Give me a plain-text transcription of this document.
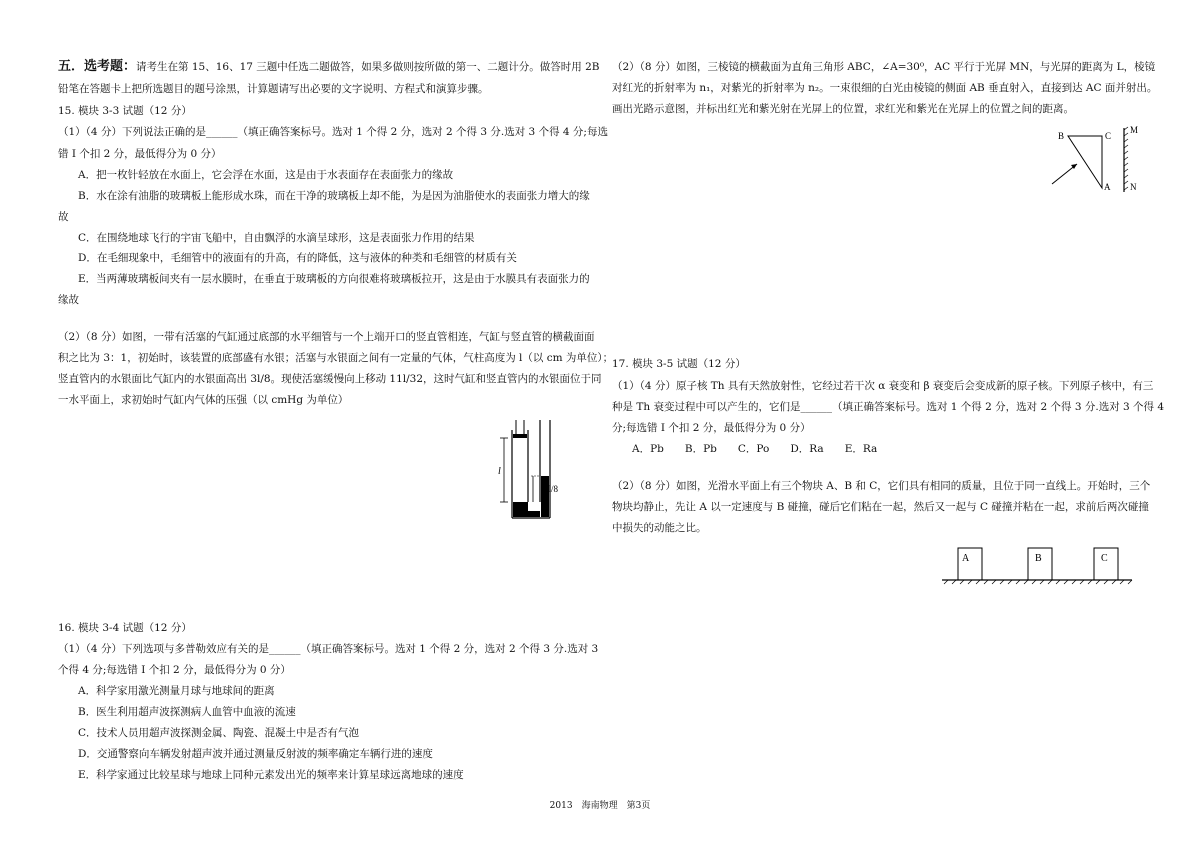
五．选考题：请考生在第 15、16、17 三题中任选二题做答，如果多做则按所做的第一、二题计分。做答时用 2B
铅笔在答题卡上把所选题目的题号涂黑，计算题请写出必要的文字说明、方程式和演算步骤。
15. 模块 3-3 试题（12 分）
（1）（4 分）下列说法正确的是______（填正确答案标号。选对 1 个得 2 分，选对 2 个得 3 分.选对 3 个得 4 分;每选
错 I 个扣 2 分，最低得分为 0 分）
A．把一枚针轻放在水面上，它会浮在水面，这是由于水表面存在表面张力的缘故
B．水在涂有油脂的玻璃板上能形成水珠，而在干净的玻璃板上却不能，为是因为油脂使水的表面张力增大的缘
故
C．在围绕地球飞行的宇宙飞船中，自由飘浮的水滴呈球形，这是表面张力作用的结果
D．在毛细现象中，毛细管中的液面有的升高，有的降低，这与液体的种类和毛细管的材质有关
E．当两薄玻璃板间夹有一层水膜时，在垂直于玻璃板的方向很难将玻璃板拉开，这是由于水膜具有表面张力的
缘故
（2）（8 分）如图，一带有活塞的气缸通过底部的水平细管与一个上端开口的竖直管相连，气缸与竖直管的横截面面
积之比为 3：1，初始时，该装置的底部盛有水银；活塞与水银面之间有一定量的气体，气柱高度为 l（以 cm 为单位）；
竖直管内的水银面比气缸内的水银面高出 3l/8。现使活塞缓慢向上移动 11l/32，这时气缸和竖直管内的水银面位于同
一水平面上，求初始时气缸内气体的压强（以 cmHg 为单位）
16. 模块 3-4 试题（12 分）
（1）（4 分）下列选项与多普勒效应有关的是______（填正确答案标号。选对 1 个得 2 分，选对 2 个得 3 分.选对 3
个得 4 分;每选错 I 个扣 2 分，最低得分为 0 分）
A．科学家用激光测量月球与地球间的距离
B．医生利用超声波探测病人血管中血液的流速
C．技术人员用超声波探测金属、陶瓷、混凝土中是否有气泡
D．交通警察向车辆发射超声波并通过测量反射波的频率确定车辆行进的速度
E．科学家通过比较星球与地球上同种元素发出光的频率来计算星球远离地球的速度
l
3l/8
（2）（8 分）如图，三棱镜的横截面为直角三角形 ABC，∠A=30⁰，AC 平行于光屏 MN，与光屏的距离为 L，棱镜
对红光的折射率为 n₁，对紫光的折射率为 n₂。一束很细的白光由棱镜的侧面 AB 垂直射入，直接到达 AC 面并射出。
画出光路示意图，并标出红光和紫光射在光屏上的位置，求红光和紫光在光屏上的位置之间的距离。
17. 模块 3-5 试题（12 分）
（1）（4 分）原子核 Th 具有天然放射性，它经过若干次 α 衰变和 β 衰变后会变成新的原子核。下列原子核中，有三
种是 Th 衰变过程中可以产生的，它们是______（填正确答案标号。选对 1 个得 2 分，选对 2 个得 3 分.选对 3 个得 4
分;每选错 I 个扣 2 分，最低得分为 0 分）
A．Pb　　B．Pb　　C．Po　　D．Ra　　E．Ra
（2）（8 分）如图，光滑水平面上有三个物块 A、B 和 C，它们具有相同的质量，且位于同一直线上。开始时，三个
物块均静止，先让 A 以一定速度与 B 碰撞，碰后它们粘在一起，然后又一起与 C 碰撞并粘在一起，求前后两次碰撞
中损失的动能之比。
B	C
A
M
N
A	B	C
2013　海南物理　第3页
